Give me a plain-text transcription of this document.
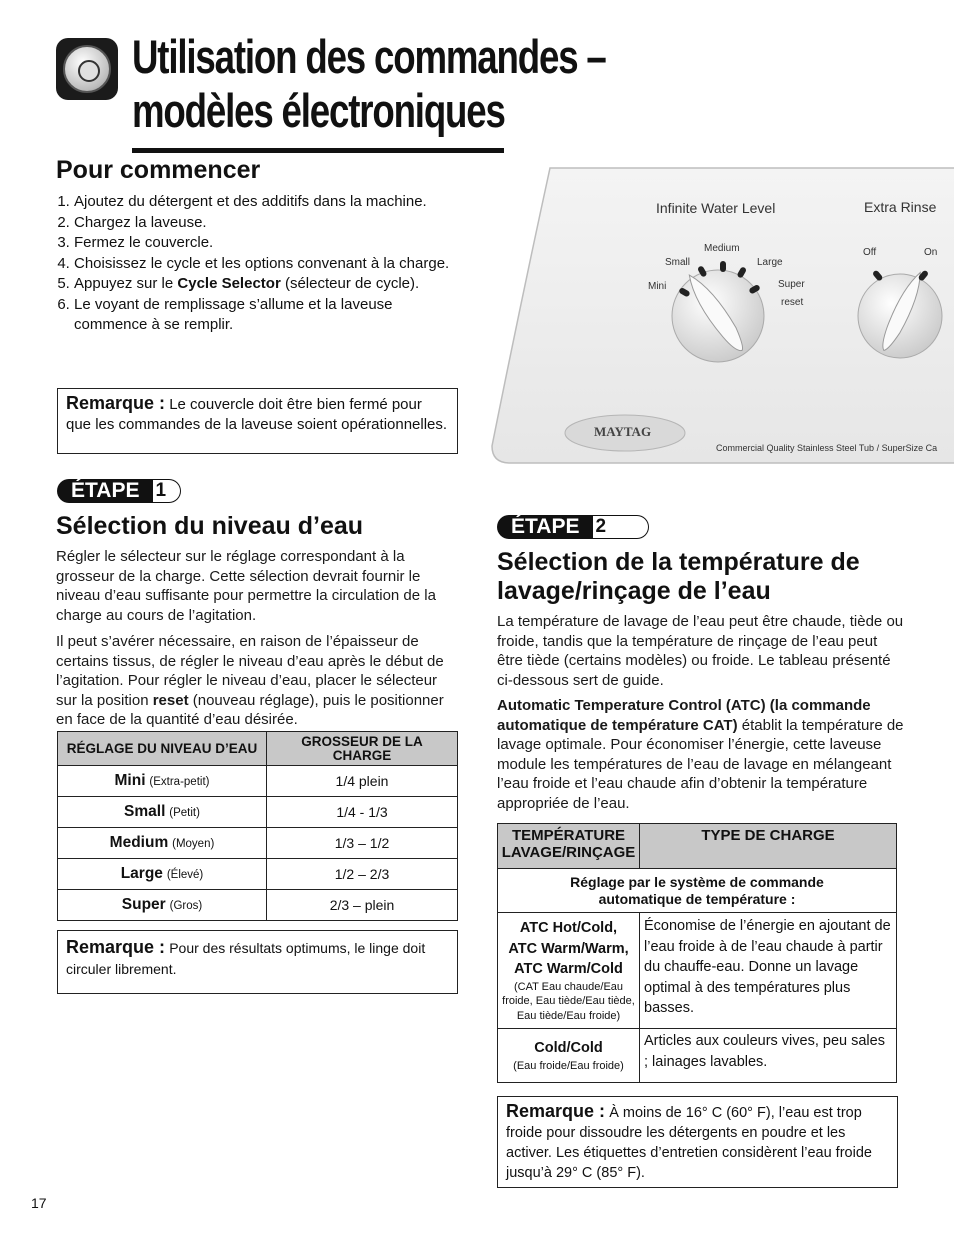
Utilisation des commandes –
modèles électroniques
Pour commencer
1. Ajoutez du détergent et des additifs dans la machine.
2. Chargez la laveuse.
3. Fermez le couvercle.
4. Choisissez le cycle et les options convenant à la charge.
5. Appuyez sur le Cycle Selector (sélecteur de cycle).
6. Le voyant de remplissage s’allume et la laveuse commence à se remplir.
Remarque : Le couvercle doit être bien fermé pour que les commandes de la laveuse soient opérationnelles.
Infinite Water Level	Extra Rinse
Medium
Small	Large
Mini	Super
reset
Off	On
MAYTAG
Commercial Quality Stainless Steel Tub / SuperSize Ca
ÉTAPE 1
Sélection du niveau d’eau
Régler le sélecteur sur le réglage correspondant à la grosseur de la charge. Cette sélection devrait fournir le niveau d’eau suffisante pour permettre la circulation de la charge au cours de l’agitation.
Il peut s’avérer nécessaire, en raison de l’épaisseur de certains tissus, de régler le niveau d’eau après le début de l’agitation. Pour régler le niveau d’eau, placer le sélecteur sur la position reset (nouveau réglage), puis le positionner en face de la quantité d’eau désirée.
RÉGLAGE DU NIVEAU D’EAU	GROSSEUR DE LA CHARGE
Mini (Extra-petit)	1/4 plein
Small (Petit)	1/4 - 1/3
Medium (Moyen)	1/3 – 1/2
Large (Élevé)	1/2 – 2/3
Super (Gros)	2/3 – plein
Remarque : Pour des résultats optimums, le linge doit circuler librement.
ÉTAPE 2
Sélection de la température de lavage/rinçage de l’eau
La température de lavage de l’eau peut être chaude, tiède ou froide, tandis que la température de rinçage de l’eau peut être tiède (certains modèles) ou froide. Le tableau présenté ci-dessous sert de guide.
Automatic Temperature Control (ATC) (la commande automatique de température CAT) établit la température de lavage optimale. Pour économiser l’énergie, cette laveuse module les températures de l’eau de lavage en mélangeant l’eau froide et l’eau chaude afin d’obtenir la température appropriée de l’eau.
TEMPÉRATURE LAVAGE/RINÇAGE	TYPE DE CHARGE
Réglage par le système de commande automatique de température :	
ATC Hot/Cold,
ATC Warm/Warm,
ATC Warm/Cold

(CAT Eau chaude/Eau froide, Eau tiède/Eau tiède, Eau tiède/Eau froide)	Économise de l’énergie en ajoutant de l’eau froide à de l’eau chaude à partir du chauffe-eau. Donne un lavage optimal à des températures plus basses.
Cold/Cold

(Eau froide/Eau froide)	Articles aux couleurs vives, peu sales ; lainages lavables.
Remarque : À moins de 16° C (60° F), l’eau est trop froide pour dissoudre les détergents en poudre et les activer. Les étiquettes d’entretien considèrent l’eau froide jusqu’à 29° C (85° F).
17
